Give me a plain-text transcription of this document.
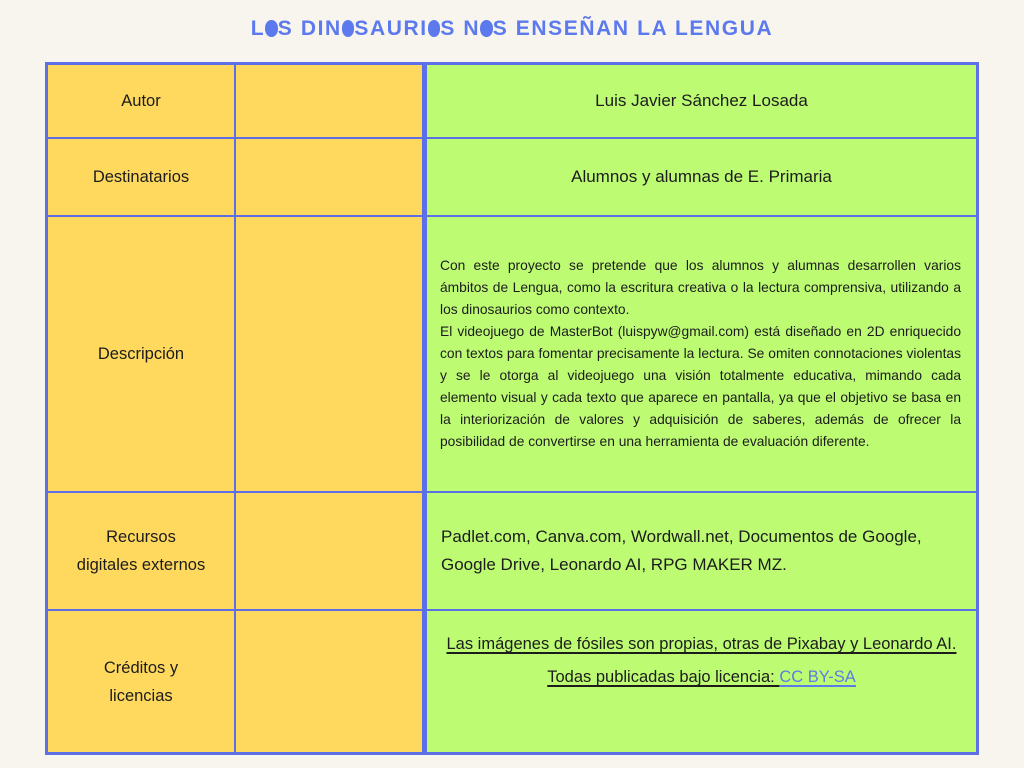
L S DIN SAURI S N S ENSEÑAN LA LENGUA
Autor	Luis Javier Sánchez Losada
Destinatarios	Alumnos y alumnas de E. Primaria
Descripción

Con este proyecto se pretende que los alumnos y alumnas desarrollen varios ámbitos de Lengua, como la escritura creativa o la lectura comprensiva, utilizando a los dinosaurios como contexto.

El videojuego de MasterBot (luispyw@gmail.com) está diseñado en 2D enriquecido con textos para fomentar precisamente la lectura. Se omiten connotaciones violentas y se le otorga al videojuego una visión totalmente educativa, mimando cada elemento visual y cada texto que aparece en pantalla, ya que el objetivo se basa en la interiorización de valores y adquisición de saberes, además de ofrecer la posibilidad de convertirse en una herramienta de evaluación diferente.

Recursos digitales externos
Padlet.com, Canva.com, Wordwall.net, Documentos de Google, Google Drive, Leonardo AI, RPG MAKER MZ.
Créditos y licencias
Las imágenes de fósiles son propias, otras de Pixabay y Leonardo AI. Todas publicadas bajo licencia: CC BY-SA
